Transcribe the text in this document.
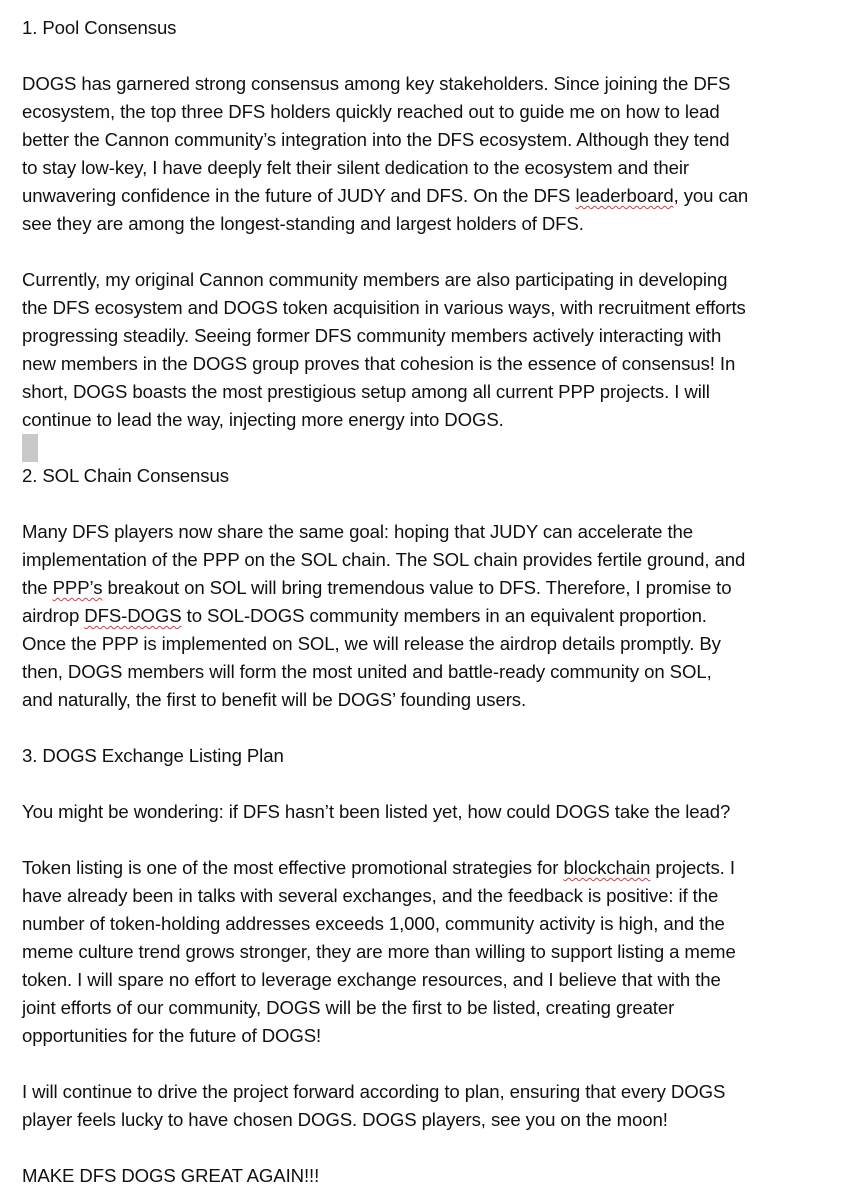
1. Pool Consensus
DOGS has garnered strong consensus among key stakeholders. Since joining the DFS
ecosystem, the top three DFS holders quickly reached out to guide me on how to lead
better the Cannon community’s integration into the DFS ecosystem. Although they tend
to stay low-key, I have deeply felt their silent dedication to the ecosystem and their
unwavering confidence in the future of JUDY and DFS. On the DFS leaderboard, you can
see they are among the longest-standing and largest holders of DFS.
Currently, my original Cannon community members are also participating in developing
the DFS ecosystem and DOGS token acquisition in various ways, with recruitment efforts
progressing steadily. Seeing former DFS community members actively interacting with
new members in the DOGS group proves that cohesion is the essence of consensus! In
short, DOGS boasts the most prestigious setup among all current PPP projects. I will
continue to lead the way, injecting more energy into DOGS.
2. SOL Chain Consensus
Many DFS players now share the same goal: hoping that JUDY can accelerate the
implementation of the PPP on the SOL chain. The SOL chain provides fertile ground, and
the PPP’s breakout on SOL will bring tremendous value to DFS. Therefore, I promise to
airdrop DFS-DOGS to SOL-DOGS community members in an equivalent proportion.
Once the PPP is implemented on SOL, we will release the airdrop details promptly. By
then, DOGS members will form the most united and battle-ready community on SOL,
and naturally, the first to benefit will be DOGS’ founding users.
3. DOGS Exchange Listing Plan
You might be wondering: if DFS hasn’t been listed yet, how could DOGS take the lead?
Token listing is one of the most effective promotional strategies for blockchain projects. I
have already been in talks with several exchanges, and the feedback is positive: if the
number of token-holding addresses exceeds 1,000, community activity is high, and the
meme culture trend grows stronger, they are more than willing to support listing a meme
token. I will spare no effort to leverage exchange resources, and I believe that with the
joint efforts of our community, DOGS will be the first to be listed, creating greater
opportunities for the future of DOGS!
I will continue to drive the project forward according to plan, ensuring that every DOGS
player feels lucky to have chosen DOGS. DOGS players, see you on the moon!
MAKE DFS DOGS GREAT AGAIN!!!
